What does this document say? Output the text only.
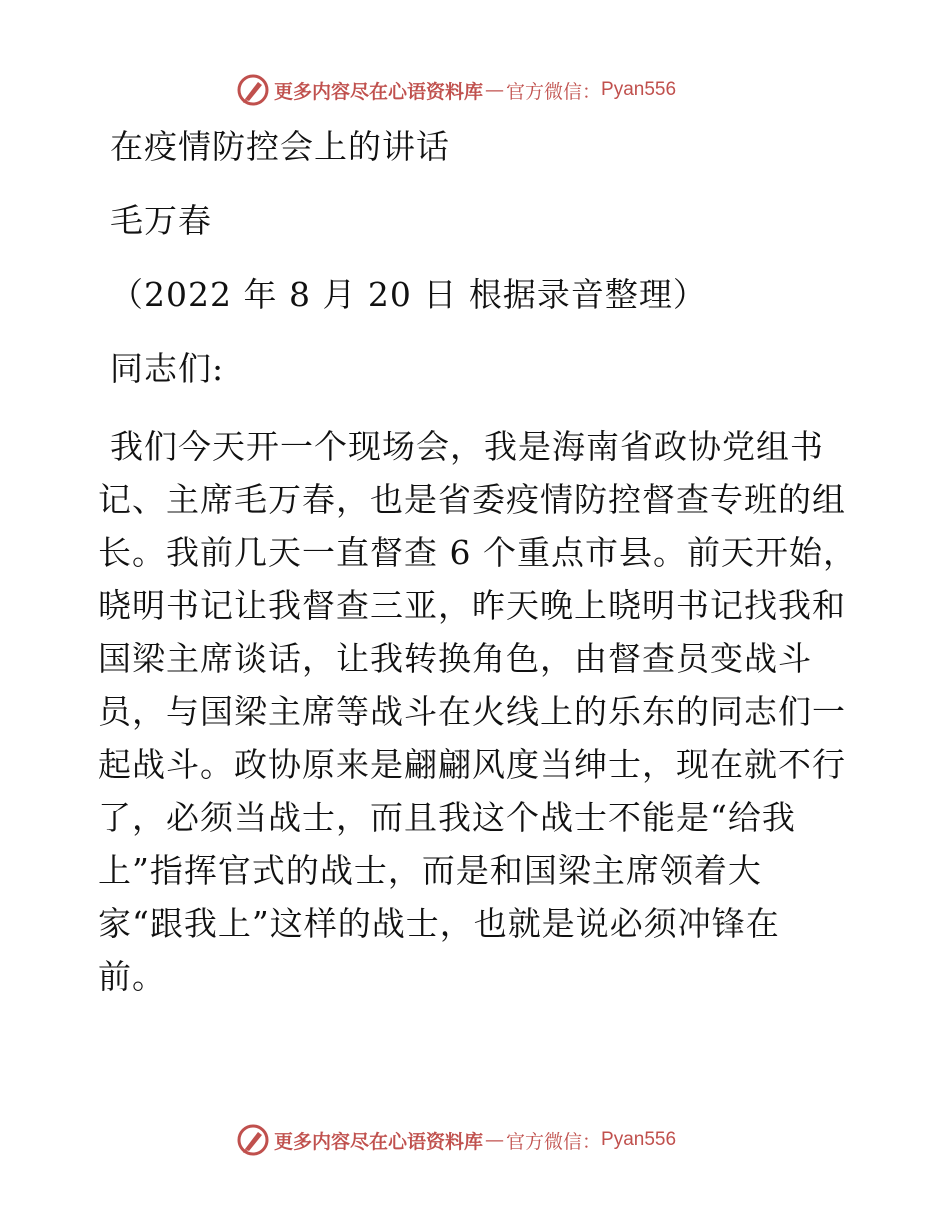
更多内容尽在心语资料库 — 官方微信： Pyan556
在疫情防控会上的讲话
毛万春
（2022 年 8 月 20 日 根据录音整理）
同志们:
我们今天开一个现场会，我是海南省政协党组书
记、主席毛万春，也是省委疫情防控督查专班的组
长。我前几天一直督查 6 个重点市县。前天开始，
晓明书记让我督查三亚，昨天晚上晓明书记找我和
国梁主席谈话，让我转换角色，由督查员变战斗
员，与国梁主席等战斗在火线上的乐东的同志们一
起战斗。政协原来是翩翩风度当绅士，现在就不行
了，必须当战士，而且我这个战士不能是“给我
上”指挥官式的战士，而是和国梁主席领着大
家“跟我上”这样的战士，也就是说必须冲锋在
前。
更多内容尽在心语资料库 — 官方微信： Pyan556
